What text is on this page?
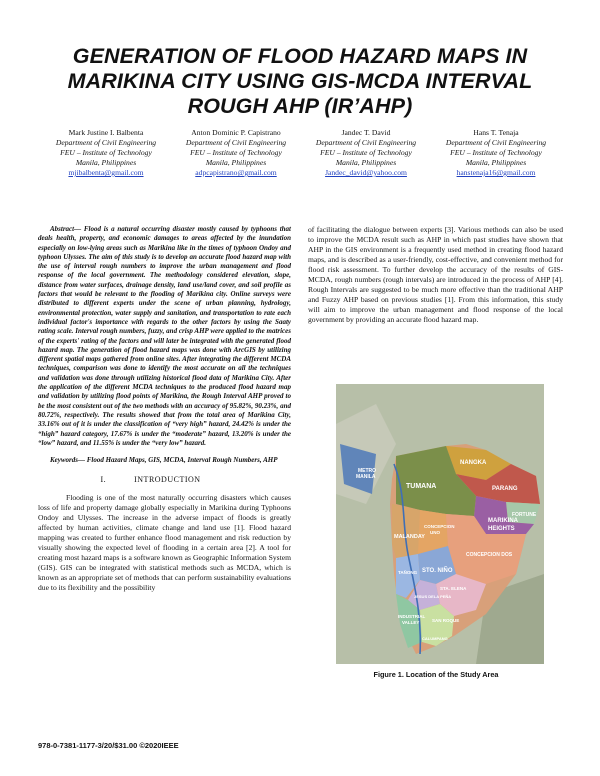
GENERATION OF FLOOD HAZARD MAPS IN MARIKINA CITY USING GIS-MCDA INTERVAL ROUGH AHP (IR’AHP)
Mark Justine I. Balbenta
Department of Civil Engineering
FEU – Institute of Technology
Manila, Philippines
mjibalbenta@gmail.com
Anton Dominic P. Capistrano
Department of Civil Engineering
FEU – Institute of Technology
Manila, Philippines
adpcapistrano@gmail.com
Jandec T. David
Department of Civil Engineering
FEU – Institute of Technology
Manila, Philippines
Jandec_david@yahoo.com
Hans T. Tenaja
Department of Civil Engineering
FEU – Institute of Technology
Manila, Philippines
hanstenaja16@gmail.com

Abstract— Flood is a natural occurring disaster mostly caused by typhoons that deals health, property, and economic damages to areas affected by the inundation especially on low-lying areas such as Marikina like in the times of typhoon Ondoy and typhoon Ulysses. The aim of this study is to develop an accurate flood hazard map with the use of interval rough numbers to improve the urban management and flood response of the local government. The methodology considered elevation, slope, distance from water surfaces, drainage density, land use/land cover, and soil profile as factors that would be relevant to the flooding of Marikina city. Online surveys were distributed to different experts under the scene of urban planning, hydrology, environmental protection, water supply and sanitation, and transportation to rate each individual factor's importance with regards to the other factors by using the Saaty rating scale. Interval rough numbers, fuzzy, and crisp AHP were applied to the matrices of the experts' rating of the factors and will later be integrated with the generated flood hazard map. The generation of flood hazard maps was done with ArcGIS by utilizing different spatial maps gathered from online sites. After integrating the different MCDA techniques, comparison was done to identify the most accurate on all the techniques and validation was done through utilizing historical flood data of Marikina City. After the application of the different MCDA techniques to the produced flood hazard map and validation by utilizing flood points of Marikina, the Rough Interval AHP proved to be the most consistent out of the two methods with an accuracy of 95.82%, 90.23%, and 80.72%, respectively. The results showed that from the total area of Marikina City, 33.16% out of it is under the classification of “very high” hazard, 24.42% is under the “high” hazard category, 17.67% is under the “moderate” hazard, 13.20% is under the “low” hazard, and 11.55% is under the “very low” hazard.

Keywords— Flood Hazard Maps, GIS, MCDA, Interval Rough Numbers, AHP

I.	INTRODUCTION

Flooding is one of the most naturally occurring disasters which causes loss of life and property damage globally especially in Marikina during Typhoons Ondoy and Ulysses. The increase in the adverse impact of floods is greatly affected by human activities, climate change and land use [1]. Flood hazard mapping was created to further enhance flood management and risk reduction by visually showing the expected level of flooding in a certain area [2]. A tool for creating most hazard maps is a software known as Geographic Information System (GIS). GIS can be integrated with statistical methods such as MCDA, which is known as an appropriate set of methods that can perform sustainability evaluations due to its flexibility and the possibility

of facilitating the dialogue between experts [3]. Various methods can also be used to improve the MCDA result such as AHP in which past studies have shown that AHP in the GIS environment is a frequently used method in creating flood hazard maps, and is described as a user-friendly, cost-effective, and convenient method for flood risk assessment. To further develop the accuracy of the results of GIS-MCDA, rough numbers (rough intervals) are introduced in the process of AHP [4]. Rough Intervals are suggested to be much more effective than the traditional AHP and Fuzzy AHP based on previous studies [1]. From this information, this study will aim to improve the urban management and flood response of the local government by providing an accurate flood hazard map.

METRO
MANILA
NANGKA
PARANG
FORTUNE
MARIKINA
HEIGHTS
TUMANA
CONCEPCION
UNO
MALANDAY
CONCEPCION DOS
STO. NIÑO
TAÑONG
STA. ELENA
JESUS DELA PEÑA
INDUSTRIAL
VALLEY	SAN ROQUE
CALUMPANG
Figure 1. Location of the Study Area
978-0-7381-1177-3/20/$31.00 ©2020IEEE
